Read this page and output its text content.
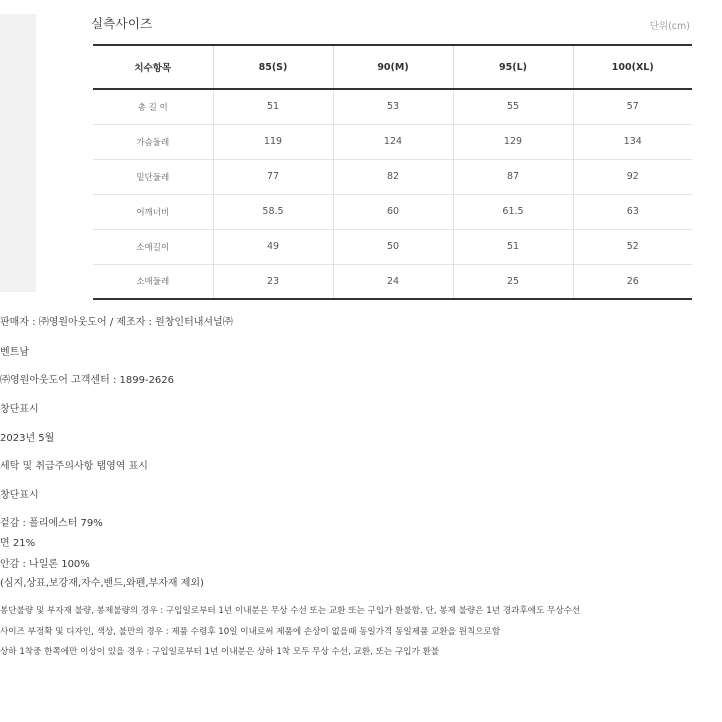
실측사이즈	단위(cm)
치수항목	85(S)	90(M)	95(L)	100(XL)
총 길 이	51	53	55	57
가슴둘레	119	124	129	134
밑단둘레	77	82	87	92
어깨너비	58.5	60	61.5	63
소매길이	49	50	51	52
소매둘레	23	24	25	26
판매자 : ㈜영원아웃도어 / 제조자 : 원창인터내셔널㈜
벤트남
㈜영원아웃도어 고객센터 : 1899-2626
창단표시
2023년 5월
세탁 및 취급주의사항 탭영역 표시
창단표시
겉감 : 폴리에스터 79%
면 21%
안감 : 나일론 100%
(심지,상표,보강재,자수,밴드,와펜,부자재 제외)
봉단불량 및 부자재 불량, 봉제불량의 경우 : 구입일로부터 1년 이내분은 무상 수선 또는 교환 또는 구입가 환불함. 단, 봉제 불량은 1년 경과후에도 무상수선
사이즈 부정확 및 디자인, 색상, 불만의 경우 : 제품 수령후 10일 이내로써 제품에 손상이 없을때 동일가격 동일제품 교환을 원칙으로함
상하 1착중 한쪽에만 이상이 있을 경우 : 구입일로부터 1년 이내분은 상하 1착 모두 무상 수선, 교환, 또는 구입가 환불
